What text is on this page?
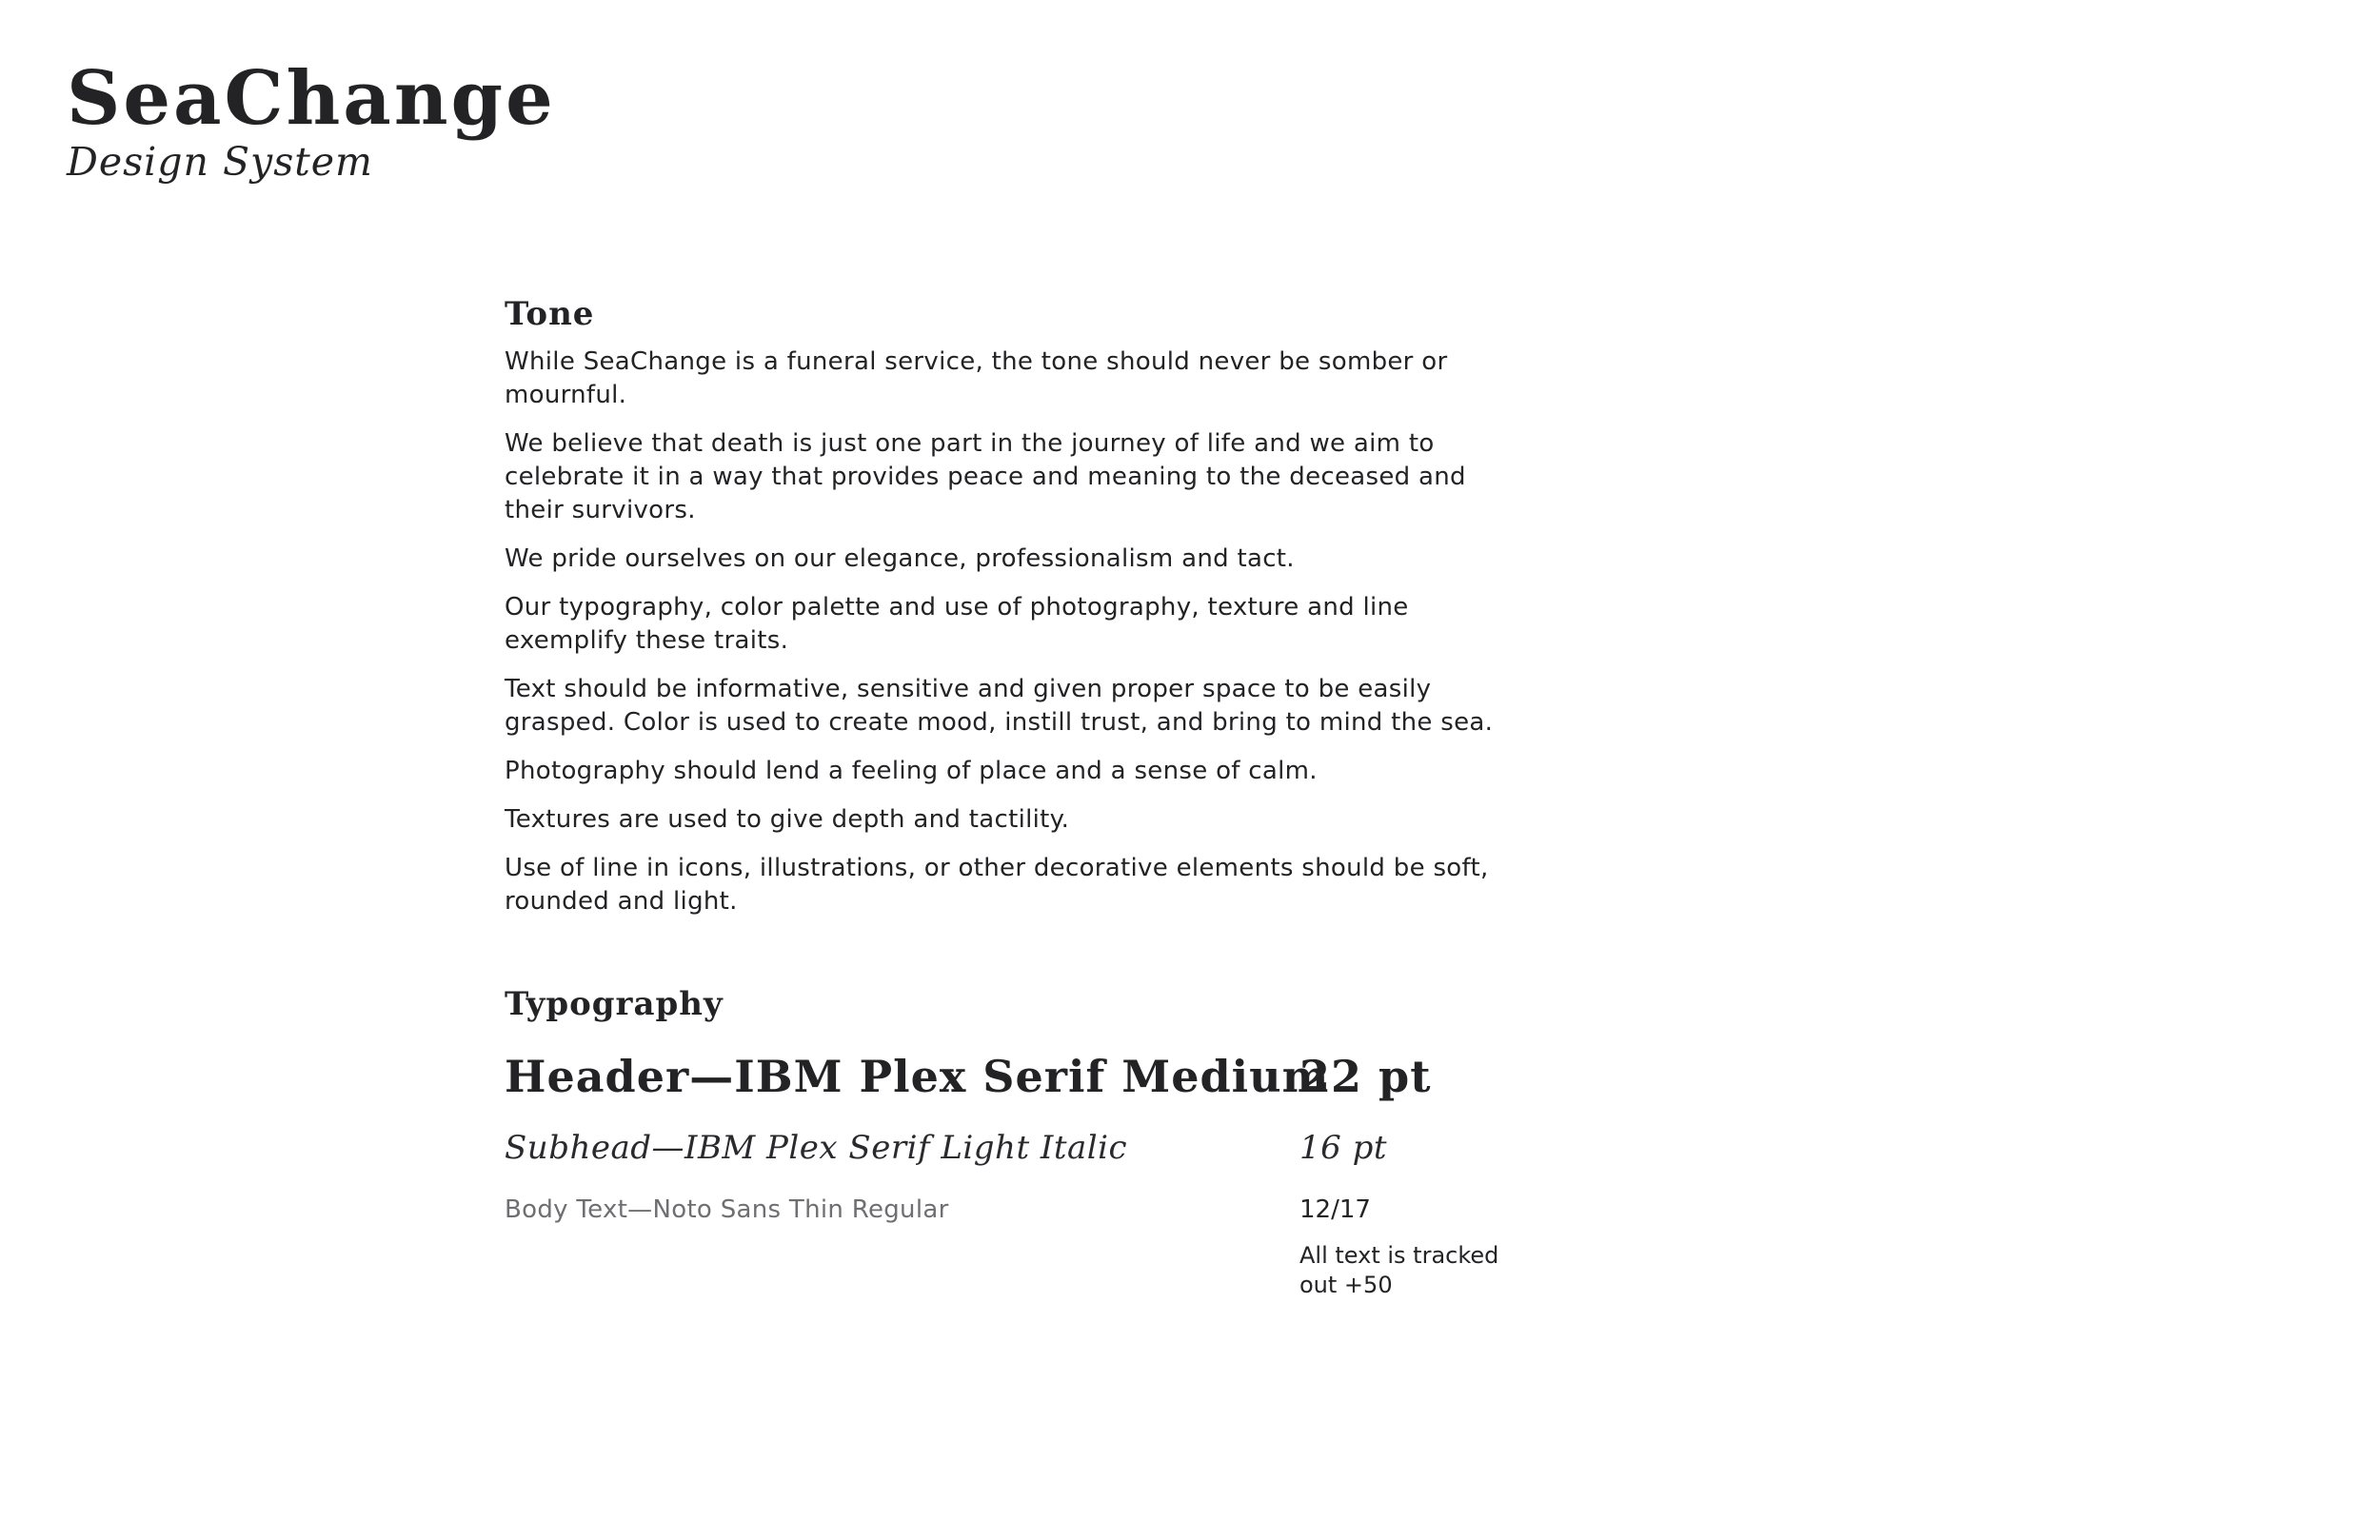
SeaChange

Design System

Tone

While SeaChange is a funeral service, the tone should never be somber or mournful.

We believe that death is just one part in the journey of life and we aim to celebrate it in a way that provides peace and meaning to the deceased and their survivors.

We pride ourselves on our elegance, professionalism and tact.

Our typography, color palette and use of photography, texture and line exemplify these traits.

Text should be informative, sensitive and given proper space to be easily grasped. Color is used to create mood, instill trust, and bring to mind the sea.

Photography should lend a feeling of place and a sense of calm.

Textures are used to give depth and tactility.

Use of line in icons, illustrations, or other decorative elements should be soft, rounded and light.

Typography
Header—IBM Plex Serif Medium
22 pt
Subhead—IBM Plex Serif Light Italic	16 pt
Body Text—Noto Sans Thin Regular	12/17
All text is tracked out +50
